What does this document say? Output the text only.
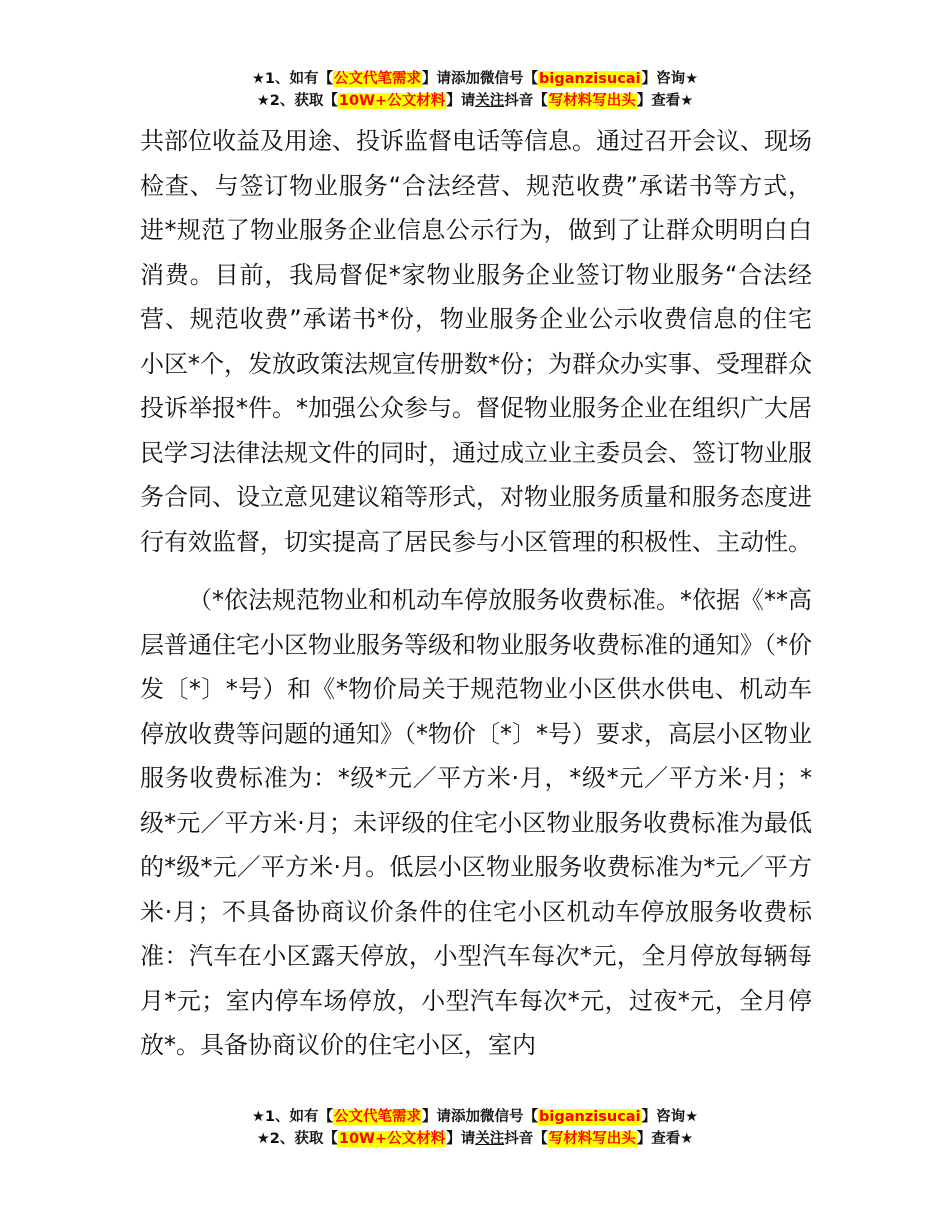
★1、如有【公文代笔需求】请添加微信号【biganzisucai】咨询★
★2、获取【10W+公文材料】请关注抖音【写材料写出头】查看★

共部位收益及用途、投诉监督电话等信息。通过召开会议、现场检查、与签订物业服务“合法经营、规范收费”承诺书等方式，进*规范了物业服务企业信息公示行为，做到了让群众明明白白消费。目前，我局督促*家物业服务企业签订物业服务“合法经营、规范收费”承诺书*份，物业服务企业公示收费信息的住宅小区*个，发放政策法规宣传册数*份；为群众办实事、受理群众投诉举报*件。*加强公众参与。督促物业服务企业在组织广大居民学习法律法规文件的同时，通过成立业主委员会、签订物业服务合同、设立意见建议箱等形式，对物业服务质量和服务态度进行有效监督，切实提高了居民参与小区管理的积极性、主动性。

（*依法规范物业和机动车停放服务收费标准。*依据《**高层普通住宅小区物业服务等级和物业服务收费标准的通知》（*价发〔*〕*号）和《*物价局关于规范物业小区供水供电、机动车停放收费等问题的通知》（*物价〔*〕*号）要求，高层小区物业服务收费标准为：*级*元／平方米·月，*级*元／平方米·月；*级*元／平方米·月；未评级的住宅小区物业服务收费标准为最低的*级*元／平方米·月。低层小区物业服务收费标准为*元／平方米·月；不具备协商议价条件的住宅小区机动车停放服务收费标准：汽车在小区露天停放，小型汽车每次*元，全月停放每辆每月*元；室内停车场停放，小型汽车每次*元，过夜*元，全月停放*。具备协商议价的住宅小区，室内

★1、如有【公文代笔需求】请添加微信号【biganzisucai】咨询★
★2、获取【10W+公文材料】请关注抖音【写材料写出头】查看★
